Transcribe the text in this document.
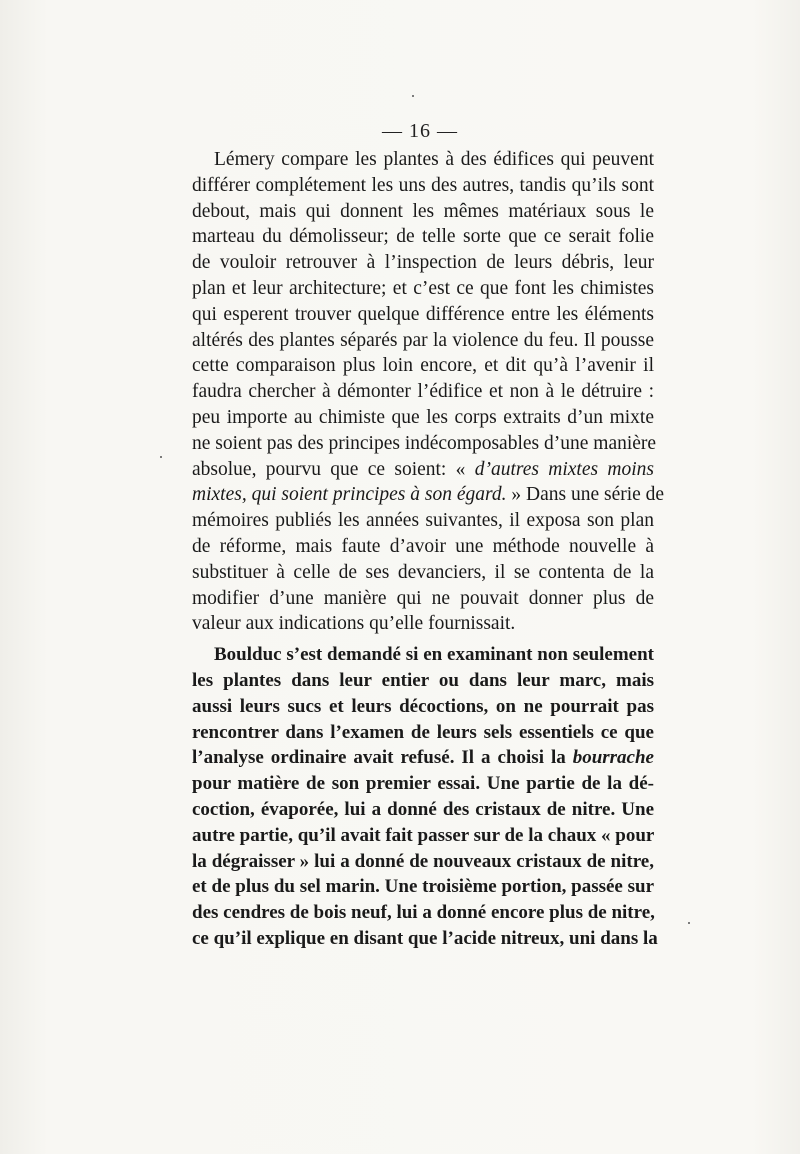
— 16 —
Lémery compare les plantes à des édifices qui peuvent
différer complétement les uns des autres, tandis qu’ils sont
debout, mais qui donnent les mêmes matériaux sous le
marteau du démolisseur; de telle sorte que ce serait folie
de vouloir retrouver à l’inspection de leurs débris, leur
plan et leur architecture; et c’est ce que font les chimistes
qui esperent trouver quelque différence entre les éléments
altérés des plantes séparés par la violence du feu. Il pousse
cette comparaison plus loin encore, et dit qu’à l’avenir il
faudra chercher à démonter l’édifice et non à le détruire :
peu importe au chimiste que les corps extraits d’un mixte
ne soient pas des principes indécomposables d’une manière
absolue, pourvu que ce soient: « d’autres mixtes moins
mixtes, qui soient principes à son égard. » Dans une série de
mémoires publiés les années suivantes, il exposa son plan
de réforme, mais faute d’avoir une méthode nouvelle à
substituer à celle de ses devanciers, il se contenta de la
modifier d’une manière qui ne pouvait donner plus de
valeur aux indications qu’elle fournissait.
Boulduc s’est demandé si en examinant non seulement
les plantes dans leur entier ou dans leur marc, mais
aussi leurs sucs et leurs décoctions, on ne pourrait pas
rencontrer dans l’examen de leurs sels essentiels ce que
l’analyse ordinaire avait refusé. Il a choisi la bourrache
pour matière de son premier essai. Une partie de la dé-
coction, évaporée, lui a donné des cristaux de nitre. Une
autre partie, qu’il avait fait passer sur de la chaux « pour
la dégraisser » lui a donné de nouveaux cristaux de nitre,
et de plus du sel marin. Une troisième portion, passée sur
des cendres de bois neuf, lui a donné encore plus de nitre,
ce qu’il explique en disant que l’acide nitreux, uni dans la
